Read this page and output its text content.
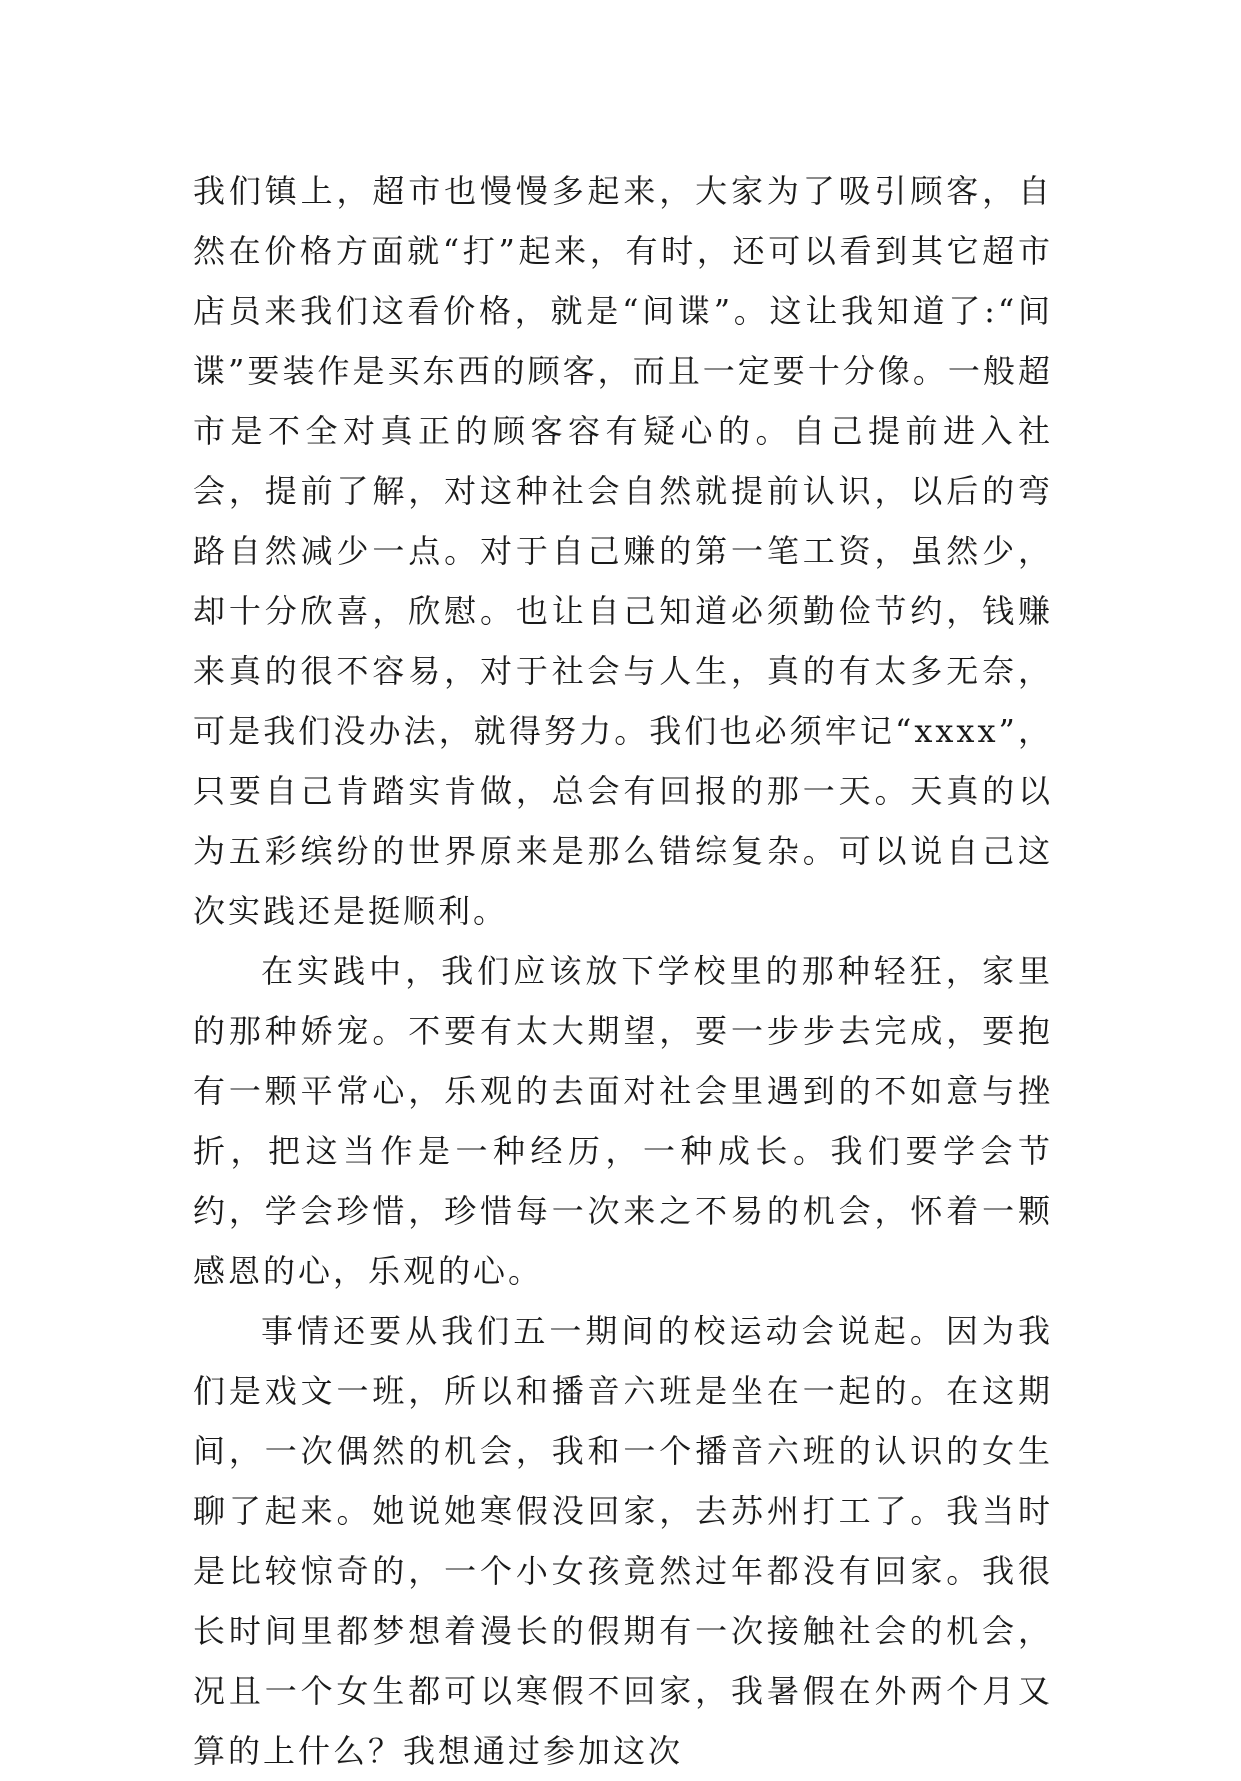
我们镇上，超市也慢慢多起来，大家为了吸引顾客，自然在价格方面就“打”起来，有时，还可以看到其它超市店员来我们这看价格，就是“间谍”。这让我知道了:“间谍”要装作是买东西的顾客，而且一定要十分像。一般超市是不全对真正的顾客容有疑心的。自己提前进入社会，提前了解，对这种社会自然就提前认识，以后的弯路自然减少一点。对于自己赚的第一笔工资，虽然少，却十分欣喜，欣慰。也让自己知道必须勤俭节约，钱赚来真的很不容易，对于社会与人生，真的有太多无奈，可是我们没办法，就得努力。我们也必须牢记“xxxx”，只要自己肯踏实肯做，总会有回报的那一天。天真的以为五彩缤纷的世界原来是那么错综复杂。可以说自己这次实践还是挺顺利。

在实践中，我们应该放下学校里的那种轻狂，家里的那种娇宠。不要有太大期望，要一步步去完成，要抱有一颗平常心，乐观的去面对社会里遇到的不如意与挫折，把这当作是一种经历，一种成长。我们要学会节约，学会珍惜，珍惜每一次来之不易的机会，怀着一颗感恩的心，乐观的心。

事情还要从我们五一期间的校运动会说起。因为我们是戏文一班，所以和播音六班是坐在一起的。在这期间，一次偶然的机会，我和一个播音六班的认识的女生聊了起来。她说她寒假没回家，去苏州打工了。我当时是比较惊奇的，一个小女孩竟然过年都没有回家。我很长时间里都梦想着漫长的假期有一次接触社会的机会，况且一个女生都可以寒假不回家，我暑假在外两个月又算的上什么？我想通过参加这次
